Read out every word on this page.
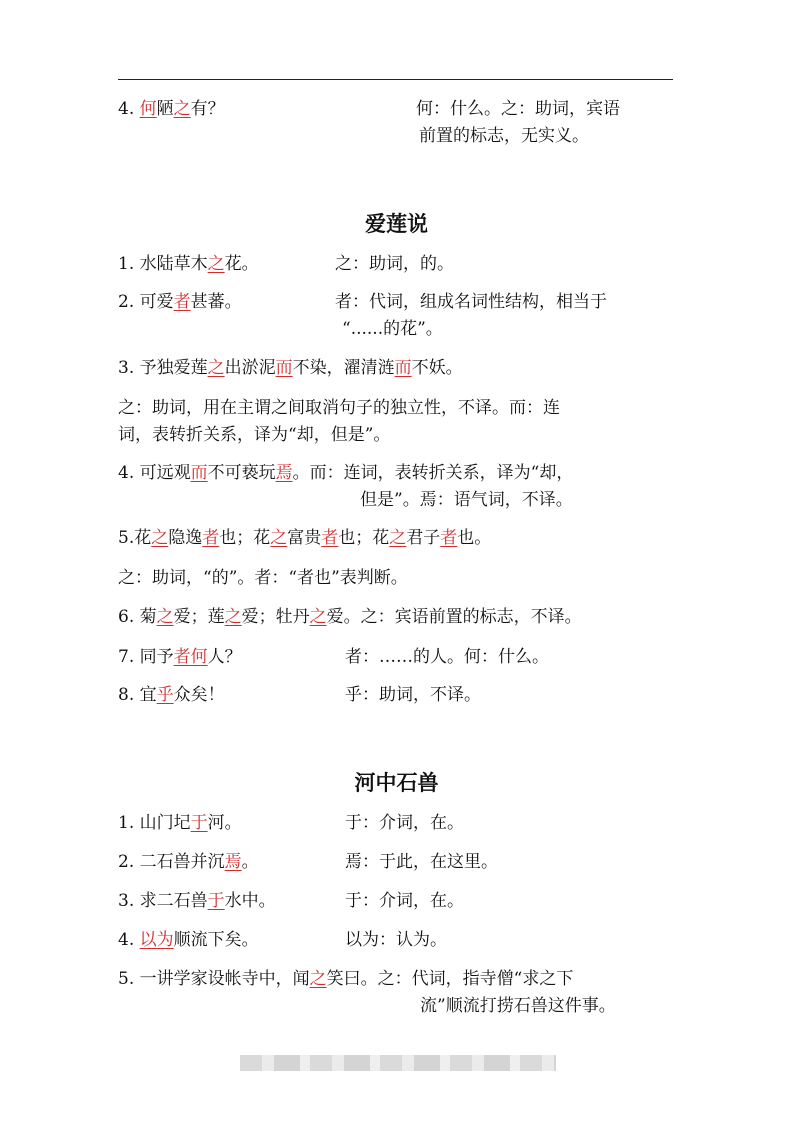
4. 何陋之有？	何：什么。之：助词，宾语
前置的标志，无实义。
爱莲说
1. 水陆草木之花。	之：助词，的。
2. 可爱者甚蕃。	者：代词，组成名词性结构，相当于
“......的花”。
3. 予独爱莲之出淤泥而不染，濯清涟而不妖。
之：助词，用在主谓之间取消句子的独立性，不译。而：连
词，表转折关系，译为“却，但是”。
4. 可远观而不可亵玩焉。而：连词，表转折关系，译为“却，
但是”。焉：语气词，不译。
5.花之隐逸者也；花之富贵者也；花之君子者也。
之：助词，“的”。者：“者也”表判断。
6. 菊之爱；莲之爱；牡丹之爱。之：宾语前置的标志，不译。
7. 同予者何人？	者：……的人。何：什么。
8. 宜乎众矣！	乎：助词，不译。
河中石兽
1. 山门圮于河。	于：介词，在。
2. 二石兽并沉焉。	焉：于此，在这里。
3. 求二石兽于水中。	于：介词，在。
4. 以为顺流下矣。	以为：认为。
5. 一讲学家设帐寺中，闻之笑曰。之：代词，指寺僧“求之下
流”顺流打捞石兽这件事。
